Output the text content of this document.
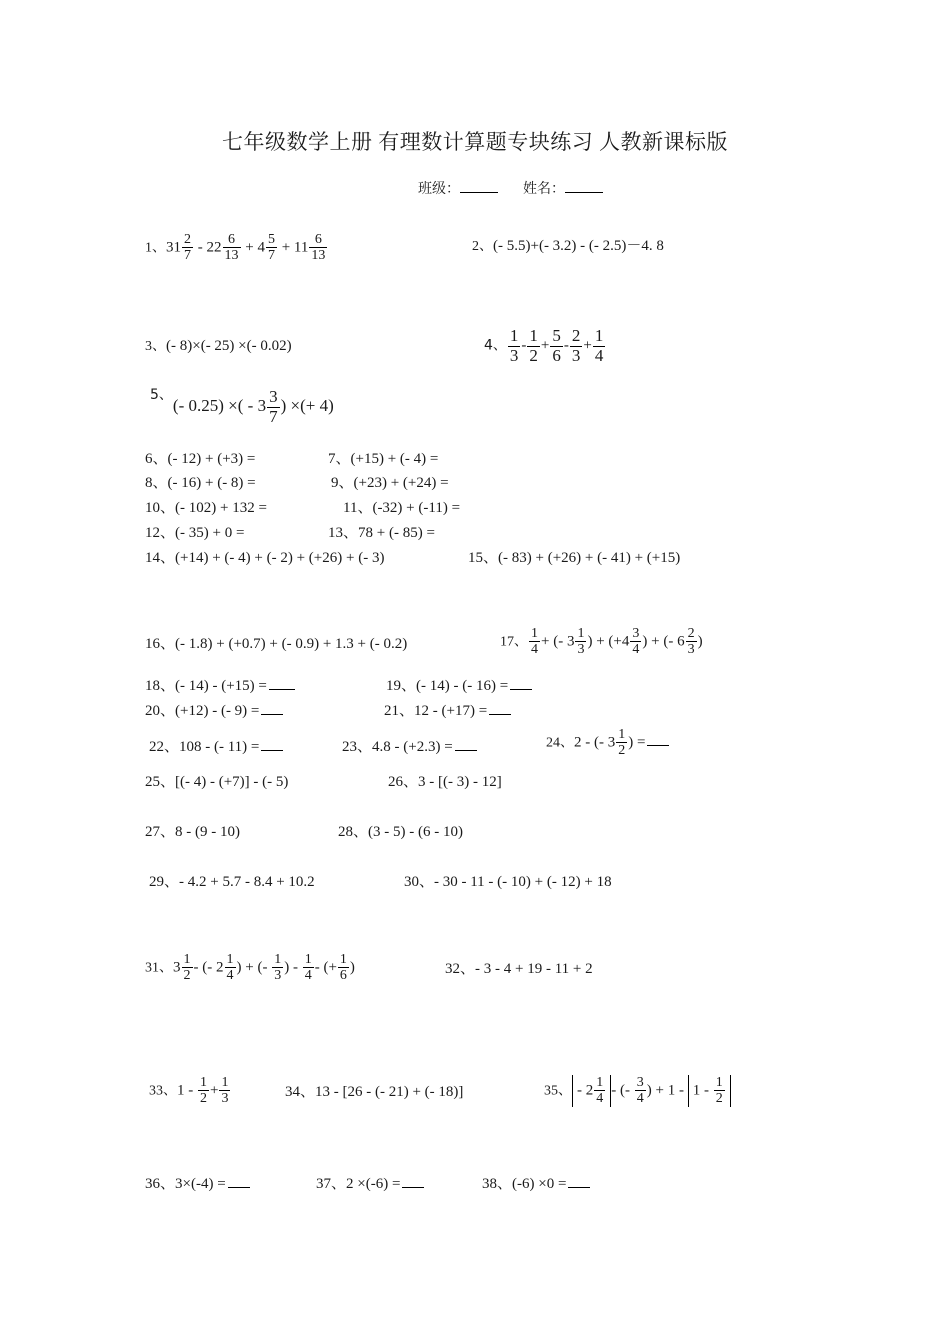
七年级数学上册 有理数计算题专块练习 人教新课标版
班级：	姓名：
1、$31 \frac{2}{7} - 22 \frac{6}{13} + 4 \frac{5}{7} + 11 \frac{6}{13}$	2、(- 5.5)+(- 3.2) - (- 2.5)－4. 8
3、(- 8)×(- 25) ×(- 0.02)	4、 $\frac{1}{3} - \frac{1}{2} + \frac{5}{6} - \frac{2}{3} + \frac{1}{4}$
$^{5、}$(- 0.25) ×( - $3 \frac{3}{7}$ ) ×(+ 4)
6、(- 12) + (+3) =	7、(+15) + (- 4) =
8、(- 16) + (- 8) =	9、(+23) + (+24) =
10、(- 102) + 132 =	11、(-32) + (-11) =
12、(- 35) + 0 =	13、78 + (- 85) =
14、(+14) + (- 4) + (- 2) + (+26) + (- 3)	15、(- 83) + (+26) + (- 41) + (+15)
16、(- 1.8) + (+0.7) + (- 0.9) + 1.3 + (- 0.2)	17、 $\frac{1}{4}$ + (- $3 \frac{1}{3}$ ) + ($+4 \frac{3}{4}$ ) + (- $6 \frac{2}{3}$ )
18、(- 14) - (+15) =	19、(- 14) - (- 16) =
20、(+12) - (- 9) =	21、12 - (+17) =
22、108 - (- 11) =	23、4.8 - (+2.3) =	24、2 - (- $3 \frac{1}{2}$ ) =
25、[(- 4) - (+7)] - (- 5)	26、3 - [(- 3) - 12]
27、8 - (9 - 10)	28、(3 - 5) - (6 - 10)
29、- 4.2 + 5.7 - 8.4 + 10.2	30、- 30 - 11 - (- 10) + (- 12) + 18
31、$3 \frac{1}{2}$ - (- $2 \frac{1}{4}$ ) + (- $\frac{1}{3}$ ) - $\frac{1}{4}$ - (+ $\frac{1}{6}$ )	32、- 3 - 4 + 19 - 11 + 2
33、$1 - \frac{1}{2} + \frac{1}{3}$	34、13 - [26 - (- 21) + (- 18)]	35、 - $2 \frac{1}{4}$ - (- $\frac{3}{4}$ ) + $1 - 1 - \frac{1}{2}$
36、3×(-4) =	37、2 ×(-6) =	38、(-6) ×0 =
